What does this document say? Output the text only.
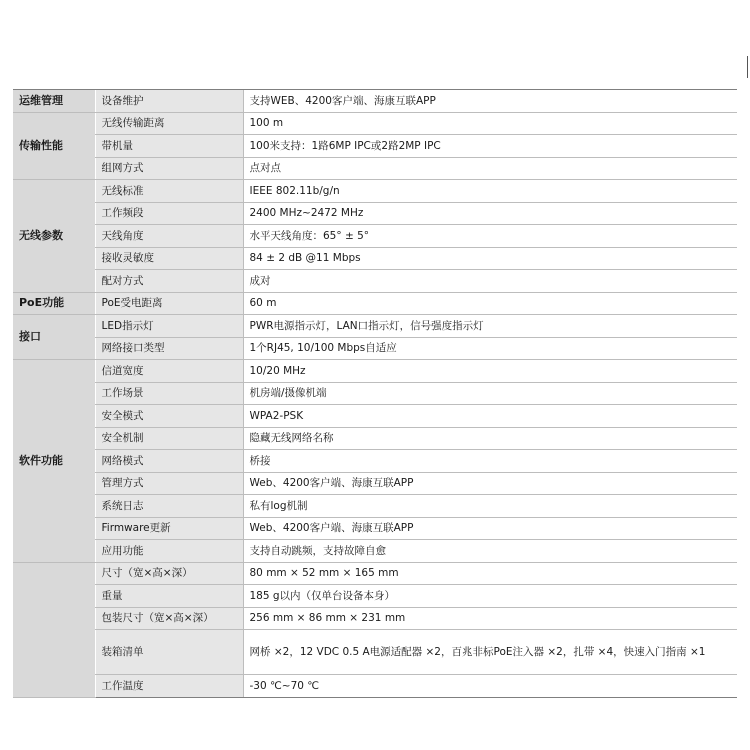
运维管理	设备维护	支持WEB、4200客户端、海康互联APP
传输性能	无线传输距离	100 m
	带机量	100米支持：1路6MP IPC或2路2MP IPC
	组网方式	点对点
无线参数	无线标准	IEEE 802.11b/g/n
	工作频段	2400 MHz~2472 MHz
	天线角度	水平天线角度：65° ± 5°
	接收灵敏度	84 ± 2 dB @11 Mbps
	配对方式	成对
PoE功能	PoE受电距离	60 m
接口	LED指示灯	PWR电源指示灯，LAN口指示灯，信号强度指示灯
	网络接口类型	1个RJ45, 10/100 Mbps自适应
软件功能	信道宽度	10/20 MHz
	工作场景	机房端/摄像机端
	安全模式	WPA2-PSK
	安全机制	隐藏无线网络名称
	网络模式	桥接
	管理方式	Web、4200客户端、海康互联APP
	系统日志	私有log机制
	Firmware更新	Web、4200客户端、海康互联APP
	应用功能	支持自动跳频，支持故障自愈
	尺寸（宽×高×深）	80 mm × 52 mm × 165 mm
	重量	185 g以内（仅单台设备本身）
	包装尺寸（宽×高×深）	256 mm × 86 mm × 231 mm
	装箱清单	网桥 ×2，12 VDC 0.5 A电源适配器 ×2，百兆非标PoE注入器 ×2，扎带 ×4，快速入门指南 ×1
	工作温度	-30 ℃~70 ℃
